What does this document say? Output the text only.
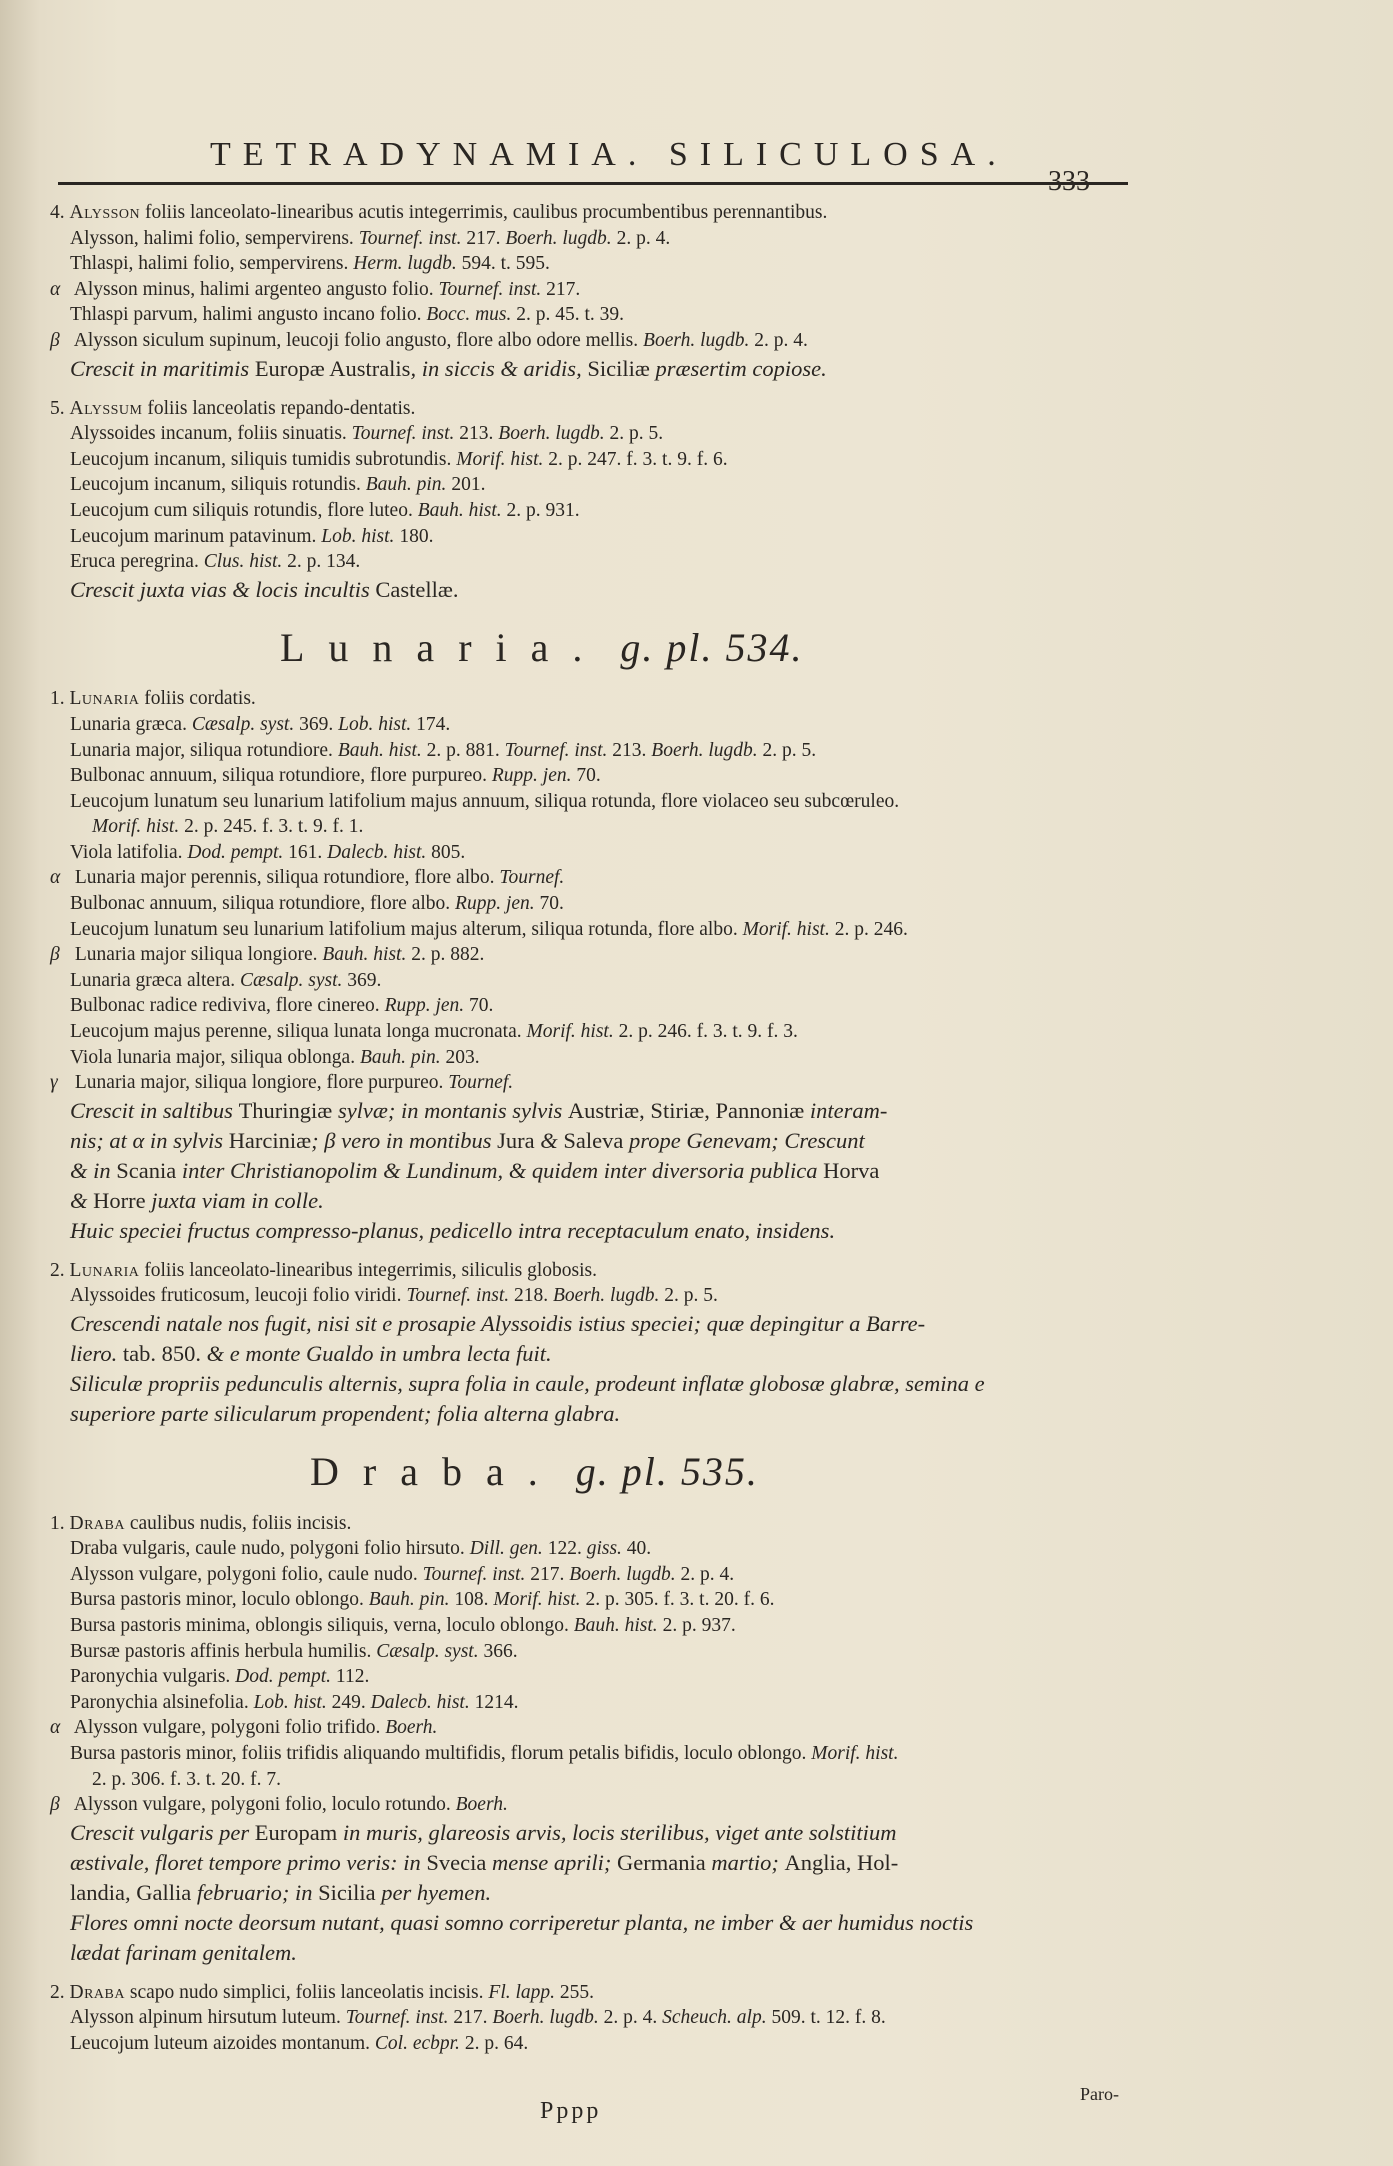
TETRADYNAMIA. SILICULOSA.
333
4. Alysson foliis lanceolato-linearibus acutis integerrimis, caulibus procumbentibus perennantibus.
Alysson, halimi folio, sempervirens. Tournef. inst. 217. Boerh. lugdb. 2. p. 4.
Thlaspi, halimi folio, sempervirens. Herm. lugdb. 594. t. 595.
α Alysson minus, halimi argenteo angusto folio. Tournef. inst. 217.
Thlaspi parvum, halimi angusto incano folio. Bocc. mus. 2. p. 45. t. 39.
β Alysson siculum supinum, leucoji folio angusto, flore albo odore mellis. Boerh. lugdb. 2. p. 4.
Crescit in maritimis Europæ Australis, in siccis & aridis, Siciliæ præsertim copiose.
5. Alyssum foliis lanceolatis repando-dentatis.
Alyssoides incanum, foliis sinuatis. Tournef. inst. 213. Boerh. lugdb. 2. p. 5.
Leucojum incanum, siliquis tumidis subrotundis. Morif. hist. 2. p. 247. f. 3. t. 9. f. 6.
Leucojum incanum, siliquis rotundis. Bauh. pin. 201.
Leucojum cum siliquis rotundis, flore luteo. Bauh. hist. 2. p. 931.
Leucojum marinum patavinum. Lob. hist. 180.
Eruca peregrina. Clus. hist. 2. p. 134.
Crescit juxta vias & locis incultis Castellæ.
Lunaria. g. pl. 534.
1. Lunaria foliis cordatis.
Lunaria græca. Cæsalp. syst. 369. Lob. hist. 174.
Lunaria major, siliqua rotundiore. Bauh. hist. 2. p. 881. Tournef. inst. 213. Boerh. lugdb. 2. p. 5.
Bulbonac annuum, siliqua rotundiore, flore purpureo. Rupp. jen. 70.
Leucojum lunatum seu lunarium latifolium majus annuum, siliqua rotunda, flore violaceo seu subcœruleo.
Morif. hist. 2. p. 245. f. 3. t. 9. f. 1.
Viola latifolia. Dod. pempt. 161. Dalecb. hist. 805.
α Lunaria major perennis, siliqua rotundiore, flore albo. Tournef.
Bulbonac annuum, siliqua rotundiore, flore albo. Rupp. jen. 70.
Leucojum lunatum seu lunarium latifolium majus alterum, siliqua rotunda, flore albo. Morif. hist. 2. p. 246.
β Lunaria major siliqua longiore. Bauh. hist. 2. p. 882.
Lunaria græca altera. Cæsalp. syst. 369.
Bulbonac radice rediviva, flore cinereo. Rupp. jen. 70.
Leucojum majus perenne, siliqua lunata longa mucronata. Morif. hist. 2. p. 246. f. 3. t. 9. f. 3.
Viola lunaria major, siliqua oblonga. Bauh. pin. 203.
γ Lunaria major, siliqua longiore, flore purpureo. Tournef.
Crescit in saltibus Thuringiæ sylvæ; in montanis sylvis Austriæ, Stiriæ, Pannoniæ interam-
nis; at α in sylvis Harciniæ; β vero in montibus Jura & Saleva prope Genevam; Crescunt
& in Scania inter Christianopolim & Lundinum, & quidem inter diversoria publica Horva
& Horre juxta viam in colle.
Huic speciei fructus compresso-planus, pedicello intra receptaculum enato, insidens.
2. Lunaria foliis lanceolato-linearibus integerrimis, siliculis globosis.
Alyssoides fruticosum, leucoji folio viridi. Tournef. inst. 218. Boerh. lugdb. 2. p. 5.
Crescendi natale nos fugit, nisi sit e prosapie Alyssoidis istius speciei; quæ depingitur a Barre-
liero. tab. 850. & e monte Gualdo in umbra lecta fuit.
Siliculæ propriis pedunculis alternis, supra folia in caule, prodeunt inflatæ globosæ glabræ, semina e
superiore parte silicularum propendent; folia alterna glabra.
Draba. g. pl. 535.
1. Draba caulibus nudis, foliis incisis.
Draba vulgaris, caule nudo, polygoni folio hirsuto. Dill. gen. 122. giss. 40.
Alysson vulgare, polygoni folio, caule nudo. Tournef. inst. 217. Boerh. lugdb. 2. p. 4.
Bursa pastoris minor, loculo oblongo. Bauh. pin. 108. Morif. hist. 2. p. 305. f. 3. t. 20. f. 6.
Bursa pastoris minima, oblongis siliquis, verna, loculo oblongo. Bauh. hist. 2. p. 937.
Bursæ pastoris affinis herbula humilis. Cæsalp. syst. 366.
Paronychia vulgaris. Dod. pempt. 112.
Paronychia alsinefolia. Lob. hist. 249. Dalecb. hist. 1214.
α Alysson vulgare, polygoni folio trifido. Boerh.
Bursa pastoris minor, foliis trifidis aliquando multifidis, florum petalis bifidis, loculo oblongo. Morif. hist.
2. p. 306. f. 3. t. 20. f. 7.
β Alysson vulgare, polygoni folio, loculo rotundo. Boerh.
Crescit vulgaris per Europam in muris, glareosis arvis, locis sterilibus, viget ante solstitium
æstivale, floret tempore primo veris: in Svecia mense aprili; Germania martio; Anglia, Hol-
landia, Gallia februario; in Sicilia per hyemen.
Flores omni nocte deorsum nutant, quasi somno corriperetur planta, ne imber & aer humidus noctis
lædat farinam genitalem.
2. Draba scapo nudo simplici, foliis lanceolatis incisis. Fl. lapp. 255.
Alysson alpinum hirsutum luteum. Tournef. inst. 217. Boerh. lugdb. 2. p. 4. Scheuch. alp. 509. t. 12. f. 8.
Leucojum luteum aizoides montanum. Col. ecbpr. 2. p. 64.
Pppp
Paro-
